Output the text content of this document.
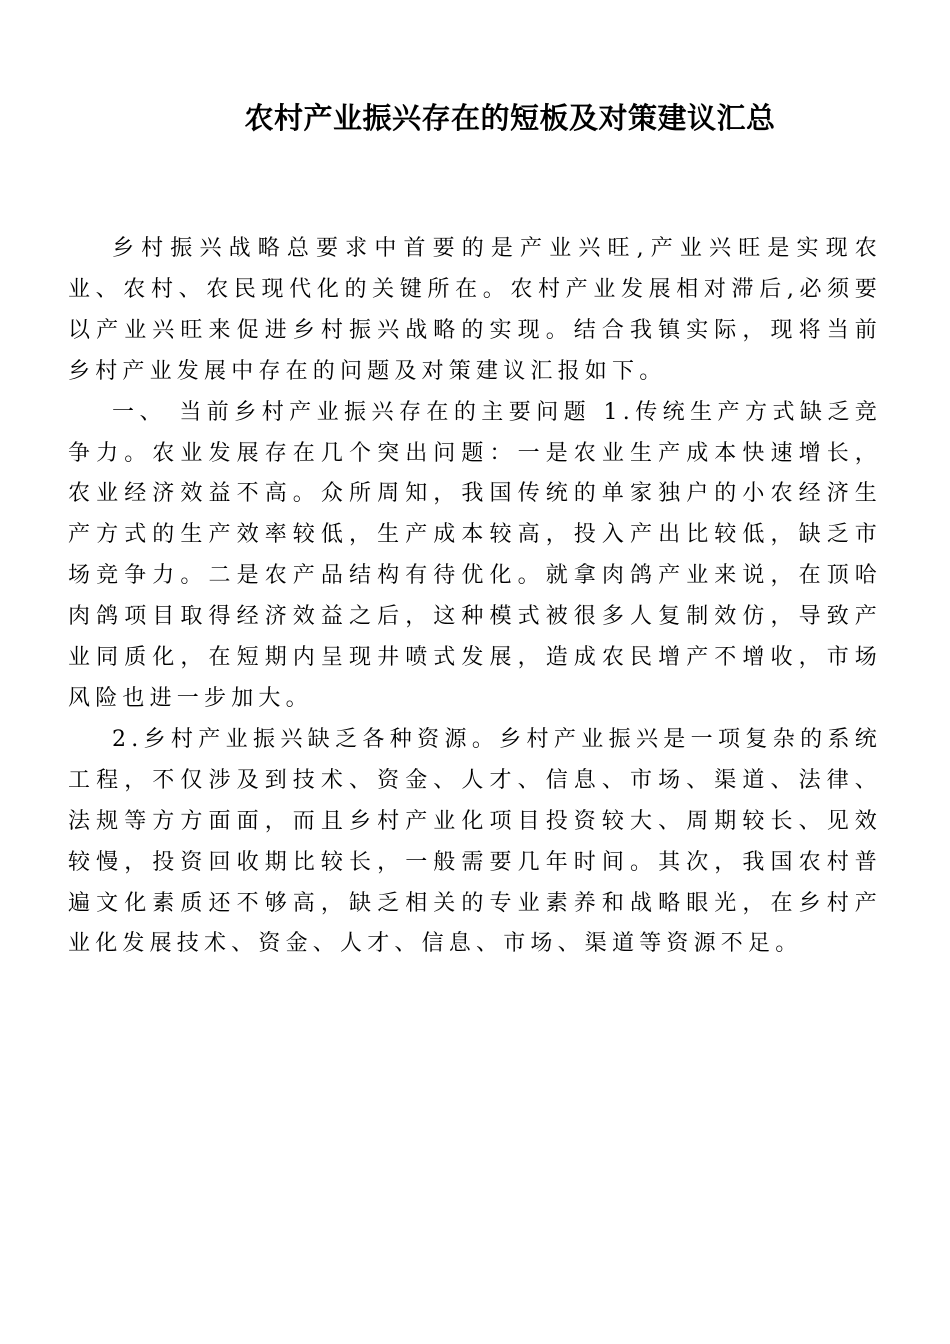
农村产业振兴存在的短板及对策建议汇总

乡村振兴战略总要求中首要的是产业兴旺,产业兴旺是实现农业、农村、农民现代化的关键所在。农村产业发展相对滞后,必须要以产业兴旺来促进乡村振兴战略的实现。结合我镇实际，现将当前乡村产业发展中存在的问题及对策建议汇报如下。

一、 当前乡村产业振兴存在的主要问题 1.传统生产方式缺乏竞争力。农业发展存在几个突出问题：一是农业生产成本快速增长，农业经济效益不高。众所周知，我国传统的单家独户的小农经济生产方式的生产效率较低，生产成本较高，投入产出比较低，缺乏市场竞争力。二是农产品结构有待优化。就拿肉鸽产业来说，在顶哈肉鸽项目取得经济效益之后，这种模式被很多人复制效仿，导致产业同质化，在短期内呈现井喷式发展，造成农民增产不增收，市场风险也进一步加大。

2.乡村产业振兴缺乏各种资源。乡村产业振兴是一项复杂的系统工程，不仅涉及到技术、资金、人才、信息、市场、渠道、法律、法规等方方面面，而且乡村产业化项目投资较大、周期较长、见效较慢，投资回收期比较长，一般需要几年时间。其次，我国农村普遍文化素质还不够高，缺乏相关的专业素养和战略眼光，在乡村产业化发展技术、资金、人才、信息、市场、渠道等资源不足。
